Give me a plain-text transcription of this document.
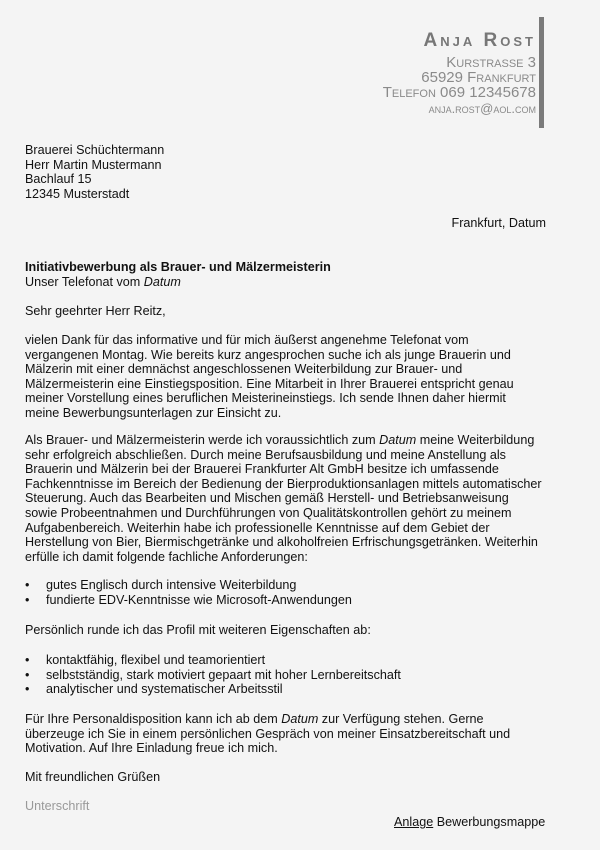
Anja Rost
Kurstrasse 3
65929 Frankfurt
Telefon 069 12345678
anja.rost@aol.com
Brauerei Schüchtermann
Herr Martin Mustermann
Bachlauf 15
12345 Musterstadt
Frankfurt, Datum
Initiativbewerbung als Brauer- und Mälzermeisterin
Unser Telefonat vom Datum
Sehr geehrter Herr Reitz,
vielen Dank für das informative und für mich äußerst angenehme Telefonat vom
vergangenen Montag. Wie bereits kurz angesprochen suche ich als junge Brauerin und
Mälzerin mit einer demnächst angeschlossenen Weiterbildung zur Brauer- und
Mälzermeisterin eine Einstiegsposition. Eine Mitarbeit in Ihrer Brauerei entspricht genau
meiner Vorstellung eines beruflichen Meisterineinstiegs. Ich sende Ihnen daher hiermit
meine Bewerbungsunterlagen zur Einsicht zu.
Als Brauer- und Mälzermeisterin werde ich voraussichtlich zum Datum meine Weiterbildung
sehr erfolgreich abschließen. Durch meine Berufsausbildung und meine Anstellung als
Brauerin und Mälzerin bei der Brauerei Frankfurter Alt GmbH besitze ich umfassende
Fachkenntnisse im Bereich der Bedienung der Bierproduktionsanlagen mittels automatischer
Steuerung. Auch das Bearbeiten und Mischen gemäß Herstell- und Betriebsanweisung
sowie Probeentnahmen und Durchführungen von Qualitätskontrollen gehört zu meinem
Aufgabenbereich. Weiterhin habe ich professionelle Kenntnisse auf dem Gebiet der
Herstellung von Bier, Biermischgetränke und alkoholfreien Erfrischungsgetränken. Weiterhin
erfülle ich damit folgende fachliche Anforderungen:
• gutes Englisch durch intensive Weiterbildung
• fundierte EDV-Kenntnisse wie Microsoft-Anwendungen
Persönlich runde ich das Profil mit weiteren Eigenschaften ab:
• kontaktfähig, flexibel und teamorientiert
• selbstständig, stark motiviert gepaart mit hoher Lernbereitschaft
• analytischer und systematischer Arbeitsstil
Für Ihre Personaldisposition kann ich ab dem Datum zur Verfügung stehen. Gerne
überzeuge ich Sie in einem persönlichen Gespräch von meiner Einsatzbereitschaft und
Motivation. Auf Ihre Einladung freue ich mich.
Mit freundlichen Grüßen
Unterschrift
Anlage Bewerbungsmappe
